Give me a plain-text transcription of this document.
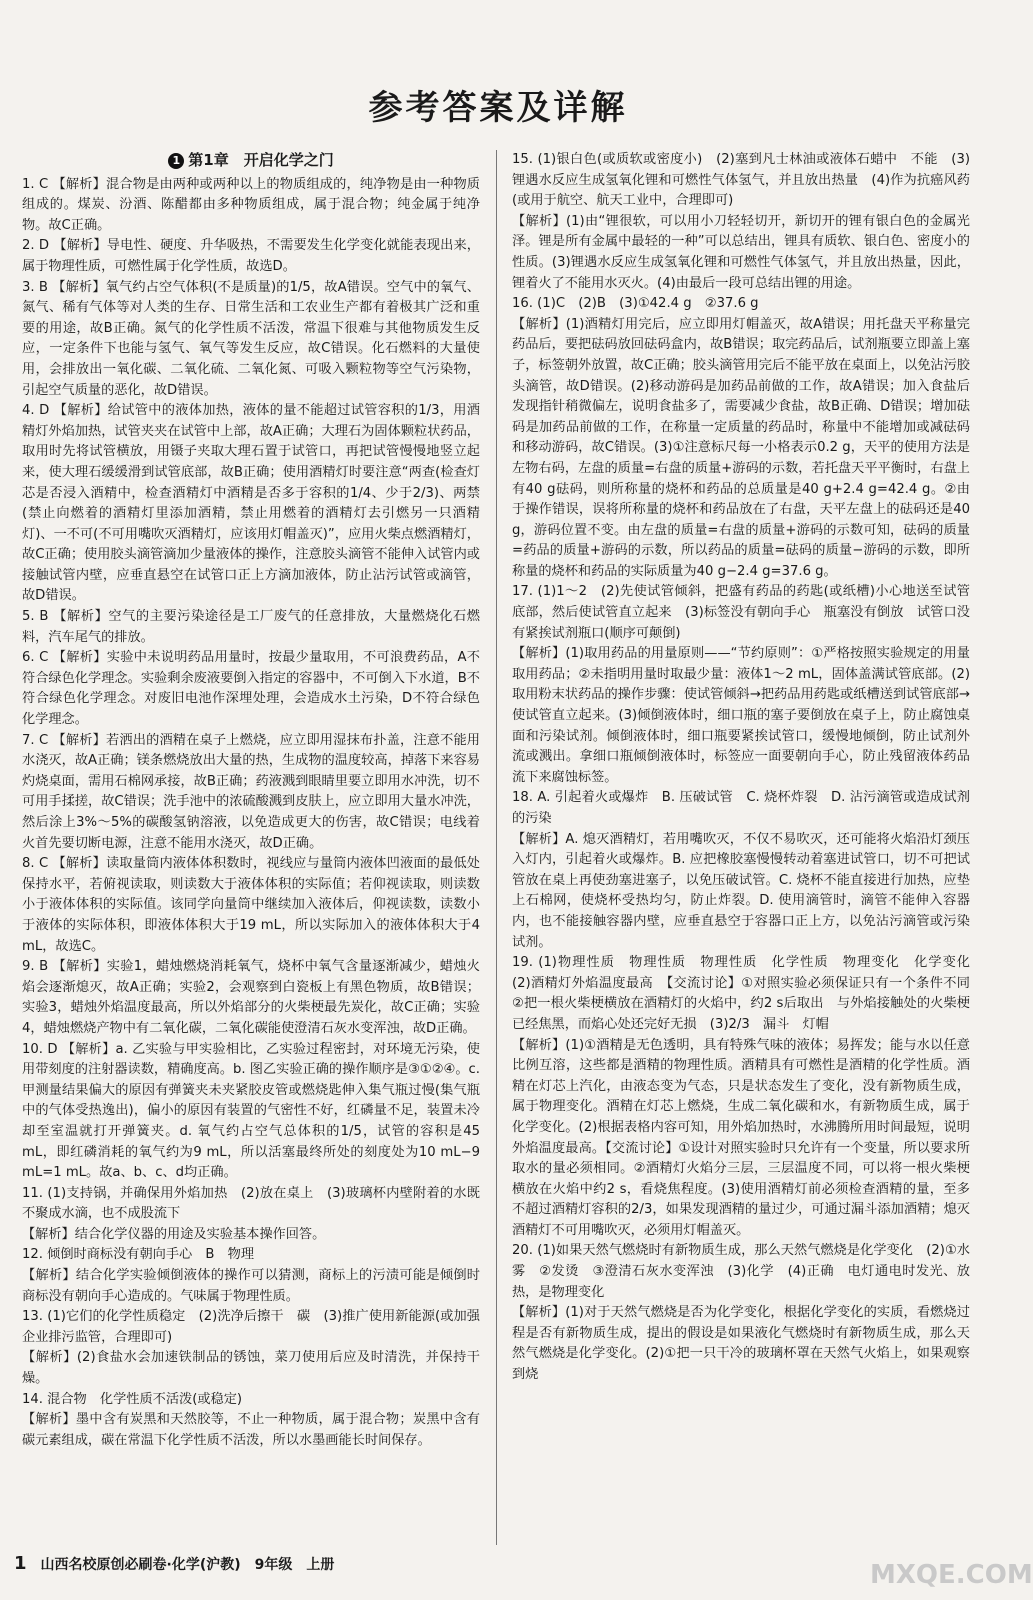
参考答案及详解
1 第1章　开启化学之门
1. C 【解析】混合物是由两种或两种以上的物质组成的，纯净物是由一种物质组成的。煤炭、汾酒、陈醋都由多种物质组成，属于混合物；纯金属于纯净物。故C正确。
2. D 【解析】导电性、硬度、升华吸热，不需要发生化学变化就能表现出来，属于物理性质，可燃性属于化学性质，故选D。
3. B 【解析】氧气约占空气体积(不是质量)的1/5，故A错误。空气中的氧气、氮气、稀有气体等对人类的生存、日常生活和工农业生产都有着极其广泛和重要的用途，故B正确。氮气的化学性质不活泼，常温下很难与其他物质发生反应，一定条件下也能与氢气、氧气等发生反应，故C错误。化石燃料的大量使用，会排放出一氧化碳、二氧化硫、二氧化氮、可吸入颗粒物等空气污染物，引起空气质量的恶化，故D错误。
4. D 【解析】给试管中的液体加热，液体的量不能超过试管容积的1/3，用酒精灯外焰加热，试管夹夹在试管中上部，故A正确；大理石为固体颗粒状药品，取用时先将试管横放，用镊子夹取大理石置于试管口，再把试管慢慢地竖立起来，使大理石缓缓滑到试管底部，故B正确；使用酒精灯时要注意“两查(检查灯芯是否浸入酒精中，检查酒精灯中酒精是否多于容积的1/4、少于2/3)、两禁(禁止向燃着的酒精灯里添加酒精，禁止用燃着的酒精灯去引燃另一只酒精灯)、一不可(不可用嘴吹灭酒精灯，应该用灯帽盖灭)”，应用火柴点燃酒精灯，故C正确；使用胶头滴管滴加少量液体的操作，注意胶头滴管不能伸入试管内或接触试管内壁，应垂直悬空在试管口正上方滴加液体，防止沾污试管或滴管，故D错误。
5. B 【解析】空气的主要污染途径是工厂废气的任意排放，大量燃烧化石燃料，汽车尾气的排放。
6. C 【解析】实验中未说明药品用量时，按最少量取用，不可浪费药品，A不符合绿色化学理念。实验剩余废液要倒入指定的容器中，不可倒入下水道，B不符合绿色化学理念。对废旧电池作深埋处理，会造成水土污染，D不符合绿色化学理念。
7. C 【解析】若洒出的酒精在桌子上燃烧，应立即用湿抹布扑盖，注意不能用水浇灭，故A正确；镁条燃烧放出大量的热，生成物的温度较高，掉落下来容易灼烧桌面，需用石棉网承接，故B正确；药液溅到眼睛里要立即用水冲洗，切不可用手揉搓，故C错误；洗手池中的浓硫酸溅到皮肤上，应立即用大量水冲洗，然后涂上3%～5%的碳酸氢钠溶液，以免造成更大的伤害，故C错误；电线着火首先要切断电源，注意不能用水浇灭，故D正确。
8. C 【解析】读取量筒内液体体积数时，视线应与量筒内液体凹液面的最低处保持水平，若俯视读取，则读数大于液体体积的实际值；若仰视读取，则读数小于液体体积的实际值。该同学向量筒中继续加入液体后，仰视读数，读数小于液体的实际体积，即液体体积大于19 mL，所以实际加入的液体体积大于4 mL，故选C。
9. B 【解析】实验1，蜡烛燃烧消耗氧气，烧杯中氧气含量逐渐减少，蜡烛火焰会逐渐熄灭，故A正确；实验2，会观察到白瓷板上有黑色物质，故B错误；实验3，蜡烛外焰温度最高，所以外焰部分的火柴梗最先炭化，故C正确；实验4，蜡烛燃烧产物中有二氧化碳，二氧化碳能使澄清石灰水变浑浊，故D正确。
10. D 【解析】a. 乙实验与甲实验相比，乙实验过程密封，对环境无污染，使用带刻度的注射器读数，精确度高。b. 图乙实验正确的操作顺序是③①②④。c. 甲测量结果偏大的原因有弹簧夹未夹紧胶皮管或燃烧匙伸入集气瓶过慢(集气瓶中的气体受热逸出)，偏小的原因有装置的气密性不好，红磷量不足，装置未冷却至室温就打开弹簧夹。d. 氧气约占空气总体积的1/5，试管的容积是45 mL，即红磷消耗的氧气约为9 mL，所以活塞最终所处的刻度处为10 mL−9 mL=1 mL。故a、b、c、d均正确。
11. (1)支持锅，并确保用外焰加热　(2)放在桌上　(3)玻璃杯内壁附着的水既不聚成水滴，也不成股流下
【解析】结合化学仪器的用途及实验基本操作回答。
12. 倾倒时商标没有朝向手心　B　物理
【解析】结合化学实验倾倒液体的操作可以猜测，商标上的污渍可能是倾倒时商标没有朝向手心造成的。气味属于物理性质。
13. (1)它们的化学性质稳定　(2)洗净后擦干　碳　(3)推广使用新能源(或加强企业排污监管，合理即可)
【解析】(2)食盐水会加速铁制品的锈蚀，菜刀使用后应及时清洗，并保持干燥。
14. 混合物　化学性质不活泼(或稳定)
【解析】墨中含有炭黑和天然胶等，不止一种物质，属于混合物；炭黑中含有碳元素组成，碳在常温下化学性质不活泼，所以水墨画能长时间保存。
15. (1)银白色(或质软或密度小)　(2)塞到凡士林油或液体石蜡中　不能　(3)锂遇水反应生成氢氧化锂和可燃性气体氢气，并且放出热量　(4)作为抗癌风药(或用于航空、航天工业中，合理即可)
【解析】(1)由“锂很软，可以用小刀轻轻切开，新切开的锂有银白色的金属光泽。锂是所有金属中最轻的一种”可以总结出，锂具有质软、银白色、密度小的性质。(3)锂遇水反应生成氢氧化锂和可燃性气体氢气，并且放出热量，因此，锂着火了不能用水灭火。(4)由最后一段可总结出锂的用途。
16. (1)C　(2)B　(3)①42.4 g　②37.6 g
【解析】(1)酒精灯用完后，应立即用灯帽盖灭，故A错误；用托盘天平称量完药品后，要把砝码放回砝码盒内，故B错误；取完药品后，试剂瓶要立即盖上塞子，标签朝外放置，故C正确；胶头滴管用完后不能平放在桌面上，以免沾污胶头滴管，故D错误。(2)移动游码是加药品前做的工作，故A错误；加入食盐后发现指针稍微偏左，说明食盐多了，需要减少食盐，故B正确、D错误；增加砝码是加药品前做的工作，在称量一定质量的药品时，称量中不能增加或减砝码和移动游码，故C错误。(3)①注意标尺每一小格表示0.2 g，天平的使用方法是左物右码，左盘的质量=右盘的质量+游码的示数，若托盘天平平衡时，右盘上有40 g砝码，则所称量的烧杯和药品的总质量是40 g+2.4 g=42.4 g。②由于操作错误，误将所称量的烧杯和药品放在了右盘，天平左盘上的砝码还是40 g，游码位置不变。由左盘的质量=右盘的质量+游码的示数可知，砝码的质量=药品的质量+游码的示数，所以药品的质量=砝码的质量−游码的示数，即所称量的烧杯和药品的实际质量为40 g−2.4 g=37.6 g。
17. (1)1～2　(2)先使试管倾斜，把盛有药品的药匙(或纸槽)小心地送至试管底部，然后使试管直立起来　(3)标签没有朝向手心　瓶塞没有倒放　试管口没有紧挨试剂瓶口(顺序可颠倒)
【解析】(1)取用药品的用量原则——“节约原则”：①严格按照实验规定的用量取用药品；②未指明用量时取最少量：液体1～2 mL，固体盖满试管底部。(2)取用粉末状药品的操作步骤：使试管倾斜→把药品用药匙或纸槽送到试管底部→使试管直立起来。(3)倾倒液体时，细口瓶的塞子要倒放在桌子上，防止腐蚀桌面和污染试剂。倾倒液体时，细口瓶要紧挨试管口，缓慢地倾倒，防止试剂外流或溅出。拿细口瓶倾倒液体时，标签应一面要朝向手心，防止残留液体药品流下来腐蚀标签。
18. A. 引起着火或爆炸　B. 压破试管　C. 烧杯炸裂　D. 沾污滴管或造成试剂的污染
【解析】A. 熄灭酒精灯，若用嘴吹灭，不仅不易吹灭，还可能将火焰沿灯颈压入灯内，引起着火或爆炸。B. 应把橡胶塞慢慢转动着塞进试管口，切不可把试管放在桌上再使劲塞进塞子，以免压破试管。C. 烧杯不能直接进行加热，应垫上石棉网，使烧杯受热均匀，防止炸裂。D. 使用滴管时，滴管不能伸入容器内，也不能接触容器内壁，应垂直悬空于容器口正上方，以免沾污滴管或污染试剂。
19. (1)物理性质　物理性质　物理性质　化学性质　物理变化　化学变化　(2)酒精灯外焰温度最高　【交流讨论】①对照实验必须保证只有一个条件不同　②把一根火柴梗横放在酒精灯的火焰中，约2 s后取出　与外焰接触处的火柴梗已经焦黑，而焰心处还完好无损　(3)2/3　漏斗　灯帽
【解析】(1)①酒精是无色透明，具有特殊气味的液体；易挥发；能与水以任意比例互溶，这些都是酒精的物理性质。酒精具有可燃性是酒精的化学性质。酒精在灯芯上汽化，由液态变为气态，只是状态发生了变化，没有新物质生成，属于物理变化。酒精在灯芯上燃烧，生成二氧化碳和水，有新物质生成，属于化学变化。(2)根据表格内容可知，用外焰加热时，水沸腾所用时间最短，说明外焰温度最高。【交流讨论】①设计对照实验时只允许有一个变量，所以要求所取水的量必须相同。②酒精灯火焰分三层，三层温度不同，可以将一根火柴梗横放在火焰中约2 s，看烧焦程度。(3)使用酒精灯前必须检查酒精的量，至多不超过酒精灯容积的2/3，如果发现酒精的量过少，可通过漏斗添加酒精；熄灭酒精灯不可用嘴吹灭，必须用灯帽盖灭。
20. (1)如果天然气燃烧时有新物质生成，那么天然气燃烧是化学变化　(2)①水雾　②发烫　③澄清石灰水变浑浊　(3)化学　(4)正确　电灯通电时发光、放热，是物理变化
【解析】(1)对于天然气燃烧是否为化学变化，根据化学变化的实质，看燃烧过程是否有新物质生成，提出的假设是如果液化气燃烧时有新物质生成，那么天然气燃烧是化学变化。(2)①把一只干冷的玻璃杯罩在天然气火焰上，如果观察到烧
1 山西名校原创必刷卷·化学(沪教)　9年级　上册	MXQE.COM
